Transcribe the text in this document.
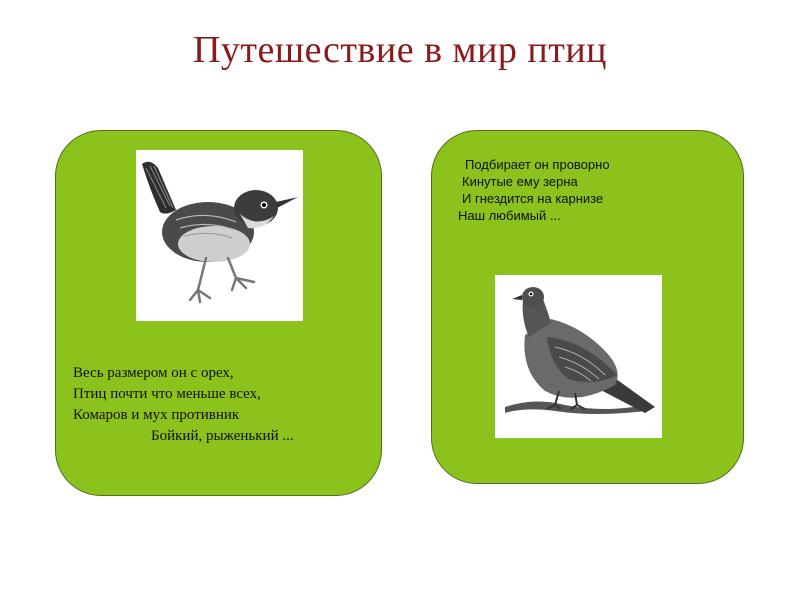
Путешествие в мир птиц
Весь размером он с орех,
Птиц почти что меньше всех,
Комаров и мух противник
Бойкий, рыженький ...
Подбирает он проворно
Кинутые ему зерна
И гнездится на карнизе
Наш любимый ...
